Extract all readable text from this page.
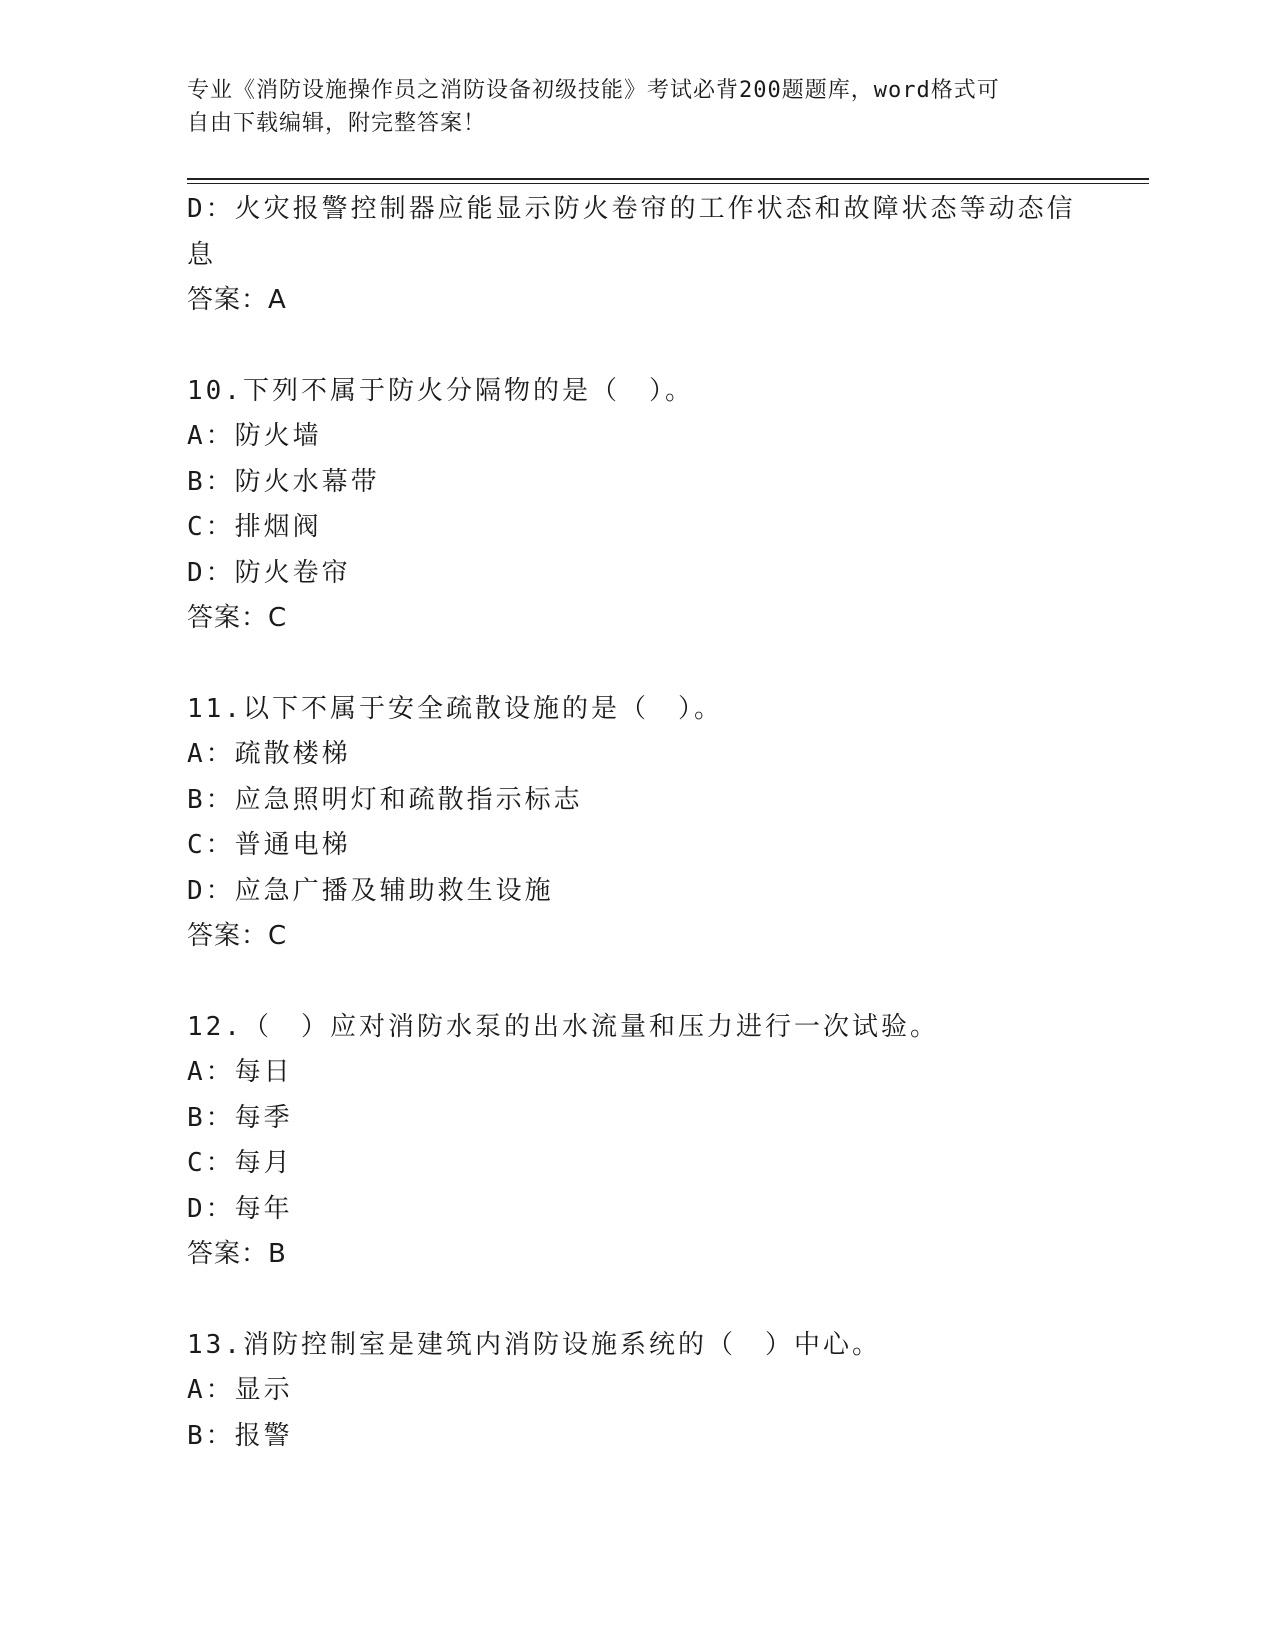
专业《消防设施操作员之消防设备初级技能》考试必背200题题库，word格式可
自由下载编辑，附完整答案！
D：火灾报警控制器应能显示防火卷帘的工作状态和故障状态等动态信
息
答案：A
10.下列不属于防火分隔物的是（　）。
A：防火墙
B：防火水幕带
C：排烟阀
D：防火卷帘
答案：C
11.以下不属于安全疏散设施的是（　）。
A：疏散楼梯
B：应急照明灯和疏散指示标志
C：普通电梯
D：应急广播及辅助救生设施
答案：C
12.（　）应对消防水泵的出水流量和压力进行一次试验。
A：每日
B：每季
C：每月
D：每年
答案：B
13.消防控制室是建筑内消防设施系统的（　）中心。
A：显示
B：报警
